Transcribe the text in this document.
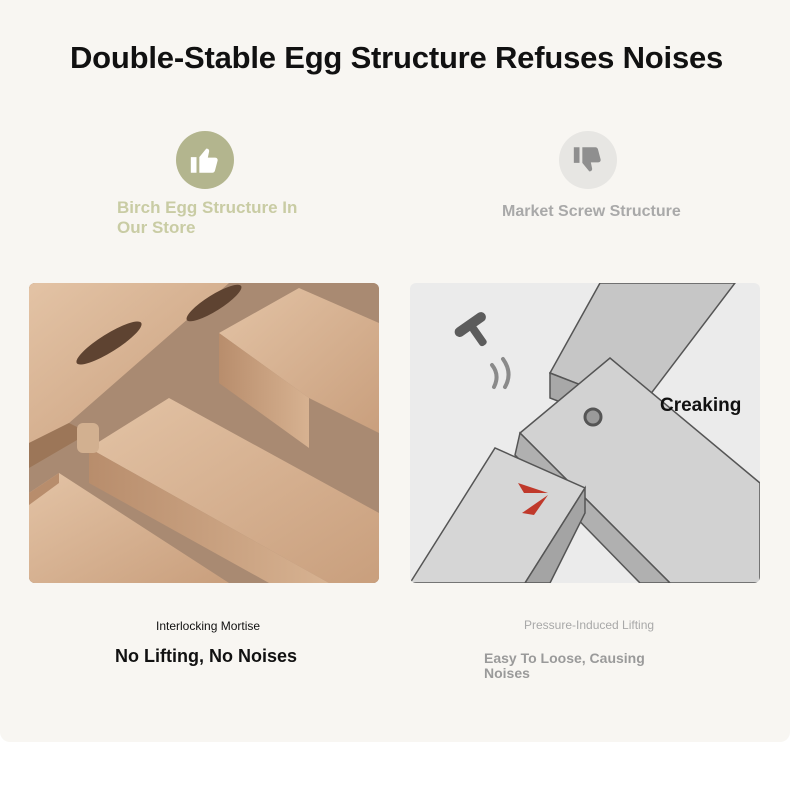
Double-Stable Egg Structure Refuses Noises
Birch Egg Structure In Our Store
Market Screw Structure
Creaking
Interlocking Mortise
No Lifting, No Noises
Pressure-Induced Lifting
Easy To Loose, Causing Noises
